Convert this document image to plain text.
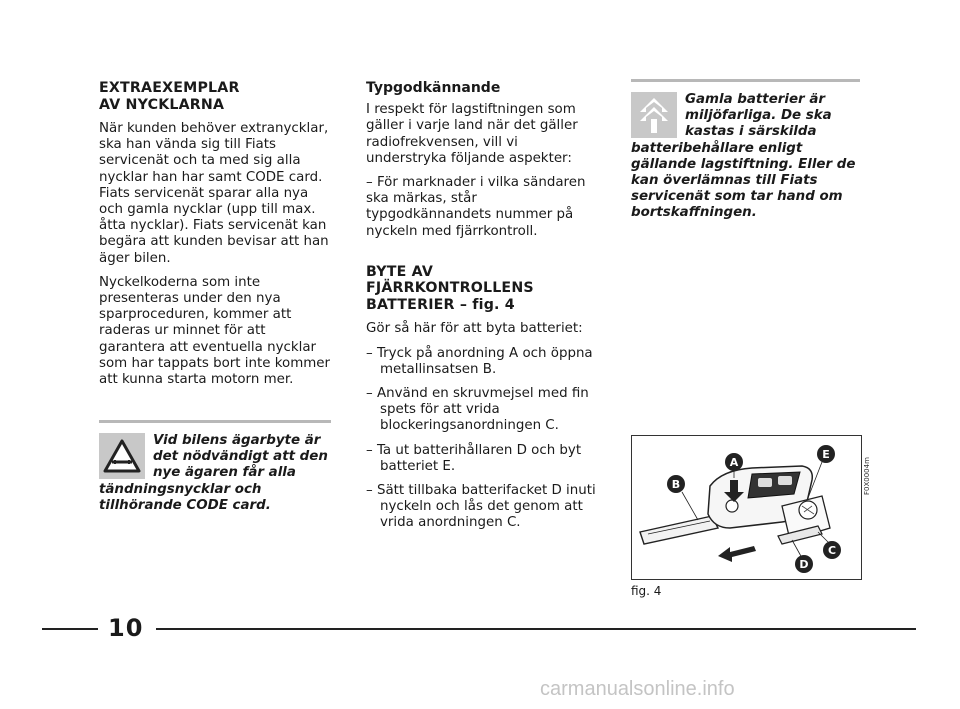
EXTRAEXEMPLAR
AV NYCKLARNA

När kunden behöver extranycklar, ska han vända sig till Fiats servicenät och ta med sig alla nycklar han har samt CODE card.

Fiats servicenät sparar alla nya och gamla nycklar (upp till max. åtta nycklar). Fiats servicenät kan begära att kunden bevisar att han äger bilen.

Nyckelkoderna som inte presenteras under den nya sparproceduren, kommer att raderas ur minnet för att garantera att eventuella nycklar som har tappats bort inte kommer att kunna starta motorn mer.

Vid bilens ägarbyte är det nödvändigt att den nye ägaren får alla tändningsnycklar och tillhörande CODE card.
Typgodkännande

I respekt för lagstiftningen som gäller i varje land när det gäller radiofrekvensen, vill vi understryka följande aspekter:

– För marknader i vilka sändaren ska märkas, står typgodkännandets nummer på nyckeln med fjärrkontroll.

BYTE AV
FJÄRRKONTROLLENS
BATTERIER – fig. 4

Gör så här för att byta batteriet:

– Tryck på anordning A och öppna metallinsatsen B.

– Använd en skruvmejsel med fin spets för att vrida blockeringsanordningen C.

– Ta ut batterihållaren D och byt batteriet E.

– Sätt tillbaka batterifacket D inuti nyckeln och lås det genom att vrida anordningen C.

Gamla batterier är miljöfarliga. De ska kastas i särskilda batteribehållare enligt gällande lagstiftning. Eller de kan överlämnas till Fiats servicenät som tar hand om bortskaffningen.
B
A
E
C
D
F0X0004m
fig. 4
10
carmanualsonline.info
